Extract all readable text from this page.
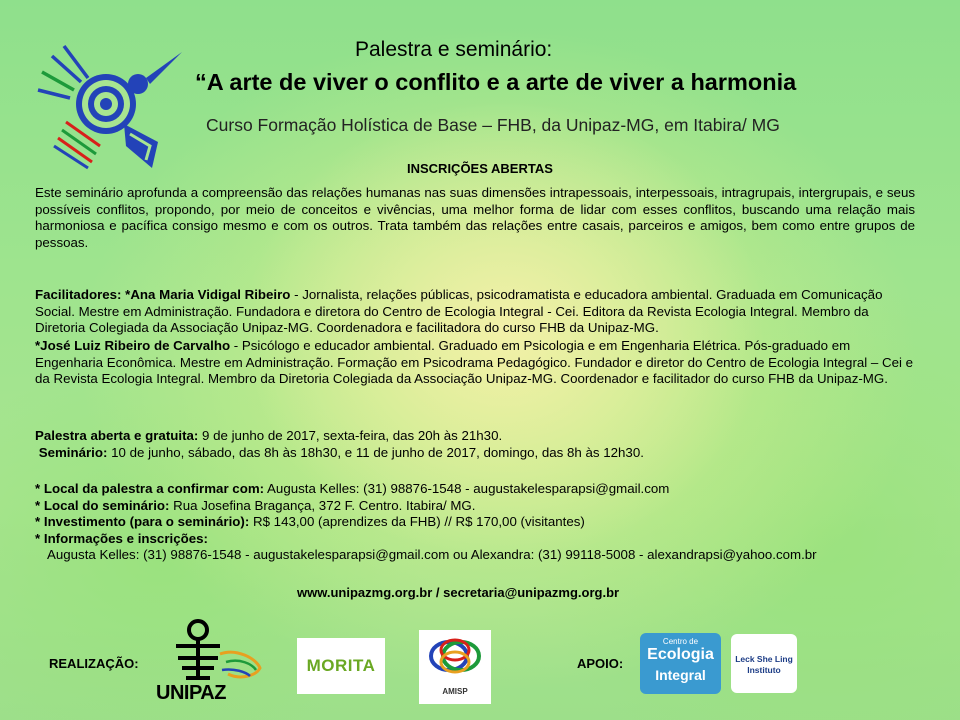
Palestra e seminário:
“A arte de viver o conflito e a arte de viver a harmonia
Curso Formação Holística de Base – FHB, da Unipaz-MG, em Itabira/ MG
INSCRIÇÕES ABERTAS
Este seminário aprofunda a compreensão das relações humanas nas suas dimensões intrapessoais, interpessoais, intragrupais, intergrupais, e seus possíveis conflitos, propondo, por meio de conceitos e vivências, uma melhor forma de lidar com esses conflitos, buscando uma relação mais harmoniosa e pacífica consigo mesmo e com os outros. Trata também das relações entre casais, parceiros e amigos, bem como entre grupos de pessoas.
Facilitadores: *Ana Maria Vidigal Ribeiro - Jornalista, relações públicas, psicodramatista e educadora ambiental. Graduada em Comunicação Social. Mestre em Administração. Fundadora e diretora do Centro de Ecologia Integral - Cei. Editora da Revista Ecologia Integral. Membro da Diretoria Colegiada da Associação Unipaz-MG. Coordenadora e facilitadora do curso FHB da Unipaz-MG.
*José Luiz Ribeiro de Carvalho - Psicólogo e educador ambiental. Graduado em Psicologia e em Engenharia Elétrica. Pós-graduado em Engenharia Econômica. Mestre em Administração. Formação em Psicodrama Pedagógico. Fundador e diretor do Centro de Ecologia Integral – Cei e da Revista Ecologia Integral. Membro da Diretoria Colegiada da Associação Unipaz-MG. Coordenador e facilitador do curso FHB da Unipaz-MG.
Palestra aberta e gratuita: 9 de junho de 2017, sexta-feira, das 20h às 21h30.
Seminário: 10 de junho, sábado, das 8h às 18h30, e 11 de junho de 2017, domingo, das 8h às 12h30.
* Local da palestra a confirmar com: Augusta Kelles: (31) 98876-1548 - augustakelesparapsi@gmail.com
* Local do seminário: Rua Josefina Bragança, 372 F. Centro. Itabira/ MG.
* Investimento (para o seminário): R$ 143,00 (aprendizes da FHB) // R$ 170,00 (visitantes)
* Informações e inscrições:
Augusta Kelles: (31) 98876-1548 - augustakelesparapsi@gmail.com ou Alexandra: (31) 99118-5008 - alexandrapsi@yahoo.com.br
www.unipazmg.org.br / secretaria@unipazmg.org.br
REALIZAÇÃO:	APOIO:
UNIPAZ
MORITA
AMISP
Centro de
Ecologia
Integral
Leck She Ling
Instituto
